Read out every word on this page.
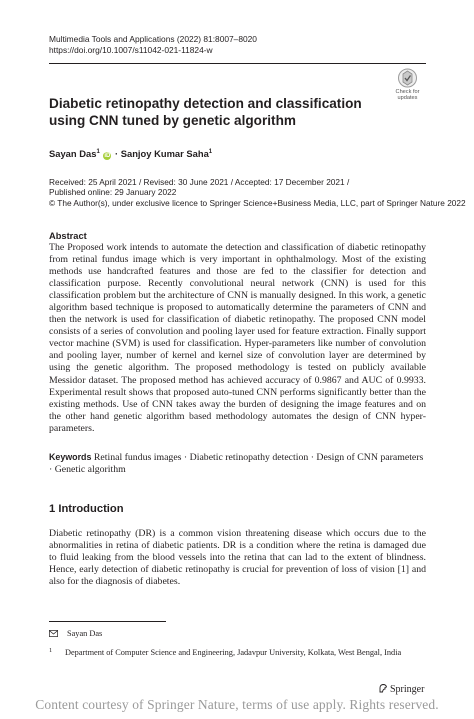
Multimedia Tools and Applications (2022) 81:8007–8020
https://doi.org/10.1007/s11042-021-11824-w
Check for
updates
Diabetic retinopathy detection and classification using CNN tuned by genetic algorithm
Sayan Das$^1$ iD · Sanjoy Kumar Saha$^1$
Received: 25 April 2021 / Revised: 30 June 2021 / Accepted: 17 December 2021 /
Published online: 29 January 2022
© The Author(s), under exclusive licence to Springer Science+Business Media, LLC, part of Springer Nature 2022
Abstract
The Proposed work intends to automate the detection and classification of diabetic retinopathy from retinal fundus image which is very important in ophthalmology. Most of the existing methods use handcrafted features and those are fed to the classifier for detection and classification purpose. Recently convolutional neural network (CNN) is used for this classification problem but the architecture of CNN is manually designed. In this work, a genetic algorithm based technique is proposed to automatically determine the parameters of CNN and then the network is used for classification of diabetic retinopathy. The proposed CNN model consists of a series of convolution and pooling layer used for feature extraction. Finally support vector machine (SVM) is used for classification. Hyper-parameters like number of convolution and pooling layer, number of kernel and kernel size of convolution layer are determined by using the genetic algorithm. The proposed methodology is tested on publicly available Messidor dataset. The proposed method has achieved accuracy of 0.9867 and AUC of 0.9933. Experimental result shows that proposed auto-tuned CNN performs significantly better than the existing methods. Use of CNN takes away the burden of designing the image features and on the other hand genetic algorithm based methodology automates the design of CNN hyper-parameters.
Keywords Retinal fundus images · Diabetic retinopathy detection · Design of CNN parameters · Genetic algorithm
1 Introduction
Diabetic retinopathy (DR) is a common vision threatening disease which occurs due to the abnormalities in retina of diabetic patients. DR is a condition where the retina is damaged due to fluid leaking from the blood vessels into the retina that can lad to the extent of blindness. Hence, early detection of diabetic retinopathy is crucial for prevention of loss of vision [1] and also for the diagnosis of diabetes.
Sayan Das
1 Department of Computer Science and Engineering, Jadavpur University, Kolkata, West Bengal, India
Springer
Content courtesy of Springer Nature, terms of use apply. Rights reserved.
